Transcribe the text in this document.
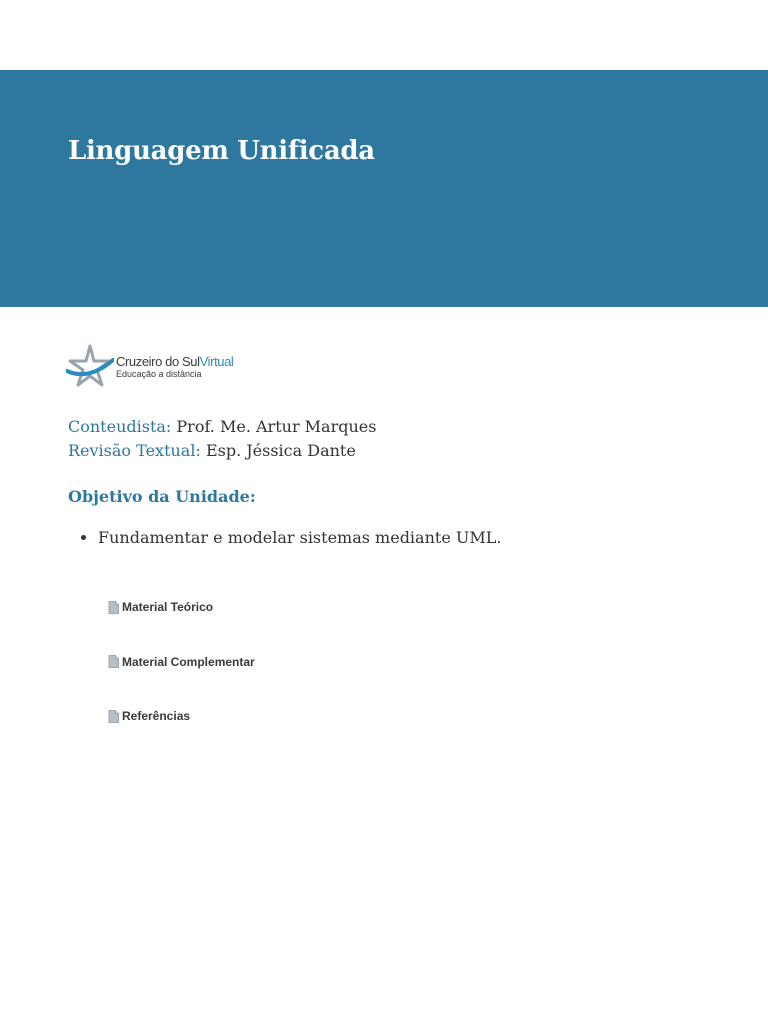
Linguagem Unificada
Cruzeiro do SulVirtual
Educação a distância
Conteudista: Prof. Me. Artur Marques
Revisão Textual: Esp. Jéssica Dante
Objetivo da Unidade:
• Fundamentar e modelar sistemas mediante UML.
Material Teórico
Material Complementar
Referências
